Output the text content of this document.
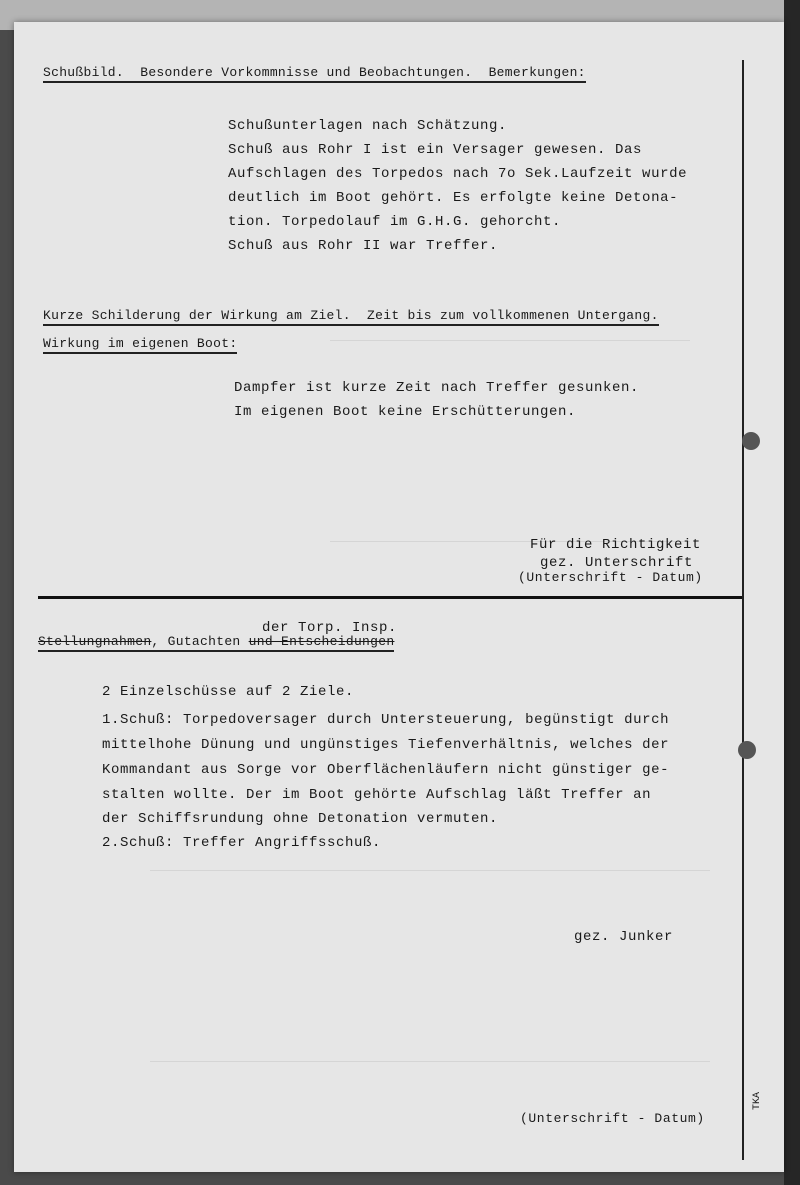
Schußbild.  Besondere Vorkommnisse und Beobachtungen.  Bemerkungen:
Schußunterlagen nach Schätzung.
Schuß aus Rohr I ist ein Versager gewesen. Das
Aufschlagen des Torpedos nach 7o Sek.Laufzeit wurde
deutlich im Boot gehört. Es erfolgte keine Detona-
tion. Torpedolauf im G.H.G. gehorcht.
Schuß aus Rohr II war Treffer.
Kurze Schilderung der Wirkung am Ziel.  Zeit bis zum vollkommenen Untergang.
Wirkung im eigenen Boot:
Dampfer ist kurze Zeit nach Treffer gesunken.
Im eigenen Boot keine Erschütterungen.
Für die Richtigkeit
gez. Unterschrift
(Unterschrift - Datum)
der Torp. Insp.
Stellungnahmen, Gutachten und Entscheidungen
2 Einzelschüsse auf 2 Ziele.
1.Schuß: Torpedoversager durch Untersteuerung, begünstigt durch
mittelhohe Dünung und ungünstiges Tiefenverhältnis, welches der
Kommandant aus Sorge vor Oberflächenläufern nicht günstiger ge-
stalten wollte. Der im Boot gehörte Aufschlag läßt Treffer an
der Schiffsrundung ohne Detonation vermuten.
2.Schuß: Treffer Angriffsschuß.
gez. Junker
(Unterschrift - Datum)
TKA
